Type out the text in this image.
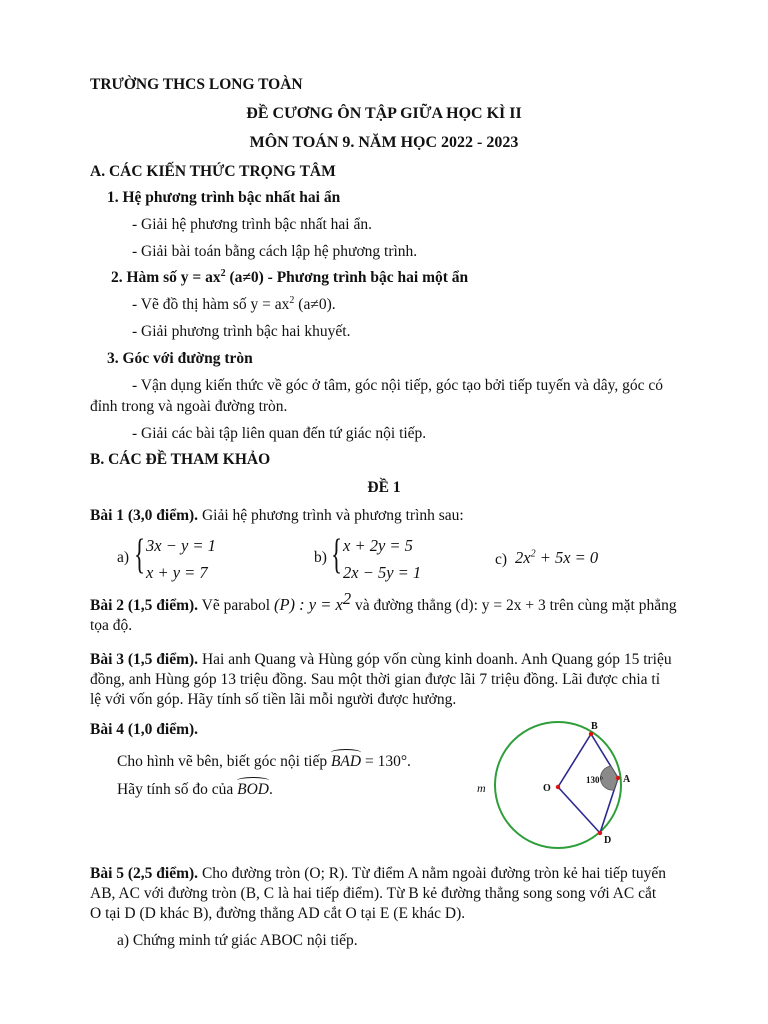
TRƯỜNG THCS LONG TOÀN
ĐỀ CƯƠNG ÔN TẬP GIỮA HỌC KÌ II
MÔN TOÁN 9. NĂM HỌC 2022 - 2023
A. CÁC KIẾN THỨC TRỌNG TÂM
1. Hệ phương trình bậc nhất hai ẩn
- Giải hệ phương trình bậc nhất hai ẩn.
- Giải bài toán bằng cách lập hệ phương trình.
2. Hàm số $y = ax^2$ (a≠0) - Phương trình bậc hai một ẩn
- Vẽ đồ thị hàm số $y = ax^2$ (a≠0).
- Giải phương trình bậc hai khuyết.
3. Góc với đường tròn
- Vận dụng kiến thức về góc ở tâm, góc nội tiếp, góc tạo bởi tiếp tuyến và dây, góc có
đỉnh trong và ngoài đường tròn.
- Giải các bài tập liên quan đến tứ giác nội tiếp.
B. CÁC ĐỀ THAM KHẢO
ĐỀ 1
Bài 1 (3,0 điểm). Giải hệ phương trình và phương trình sau:
a) { 3x − y = 1
x + y = 7
b) { x + 2y = 5
2x − 5y = 1
c) $2x^2 + 5x = 0$
Bài 2 (1,5 điểm). Vẽ parabol (P) : $y = x^2$ và đường thẳng (d): y = 2x + 3 trên cùng mặt phẳng
tọa độ.
Bài 3 (1,5 điểm). Hai anh Quang và Hùng góp vốn cùng kinh doanh. Anh Quang góp 15 triệu
đồng, anh Hùng góp 13 triệu đồng. Sau một thời gian được lãi 7 triệu đồng. Lãi được chia tỉ
lệ với vốn góp. Hãy tính số tiền lãi mỗi người được hưởng.
Bài 4 (1,0 điểm).
Cho hình vẽ bên, biết góc nội tiếp BAD = 130°.
Hãy tính số đo của BOD.
B
A
D
O
m
130°
Bài 5 (2,5 điểm). Cho đường tròn (O; R). Từ điểm A nằm ngoài đường tròn kẻ hai tiếp tuyến
AB, AC với đường tròn (B, C là hai tiếp điểm). Từ B kẻ đường thẳng song song với AC cắt
O tại D (D khác B), đường thẳng AD cắt O tại E (E khác D).
a) Chứng minh tứ giác ABOC nội tiếp.
